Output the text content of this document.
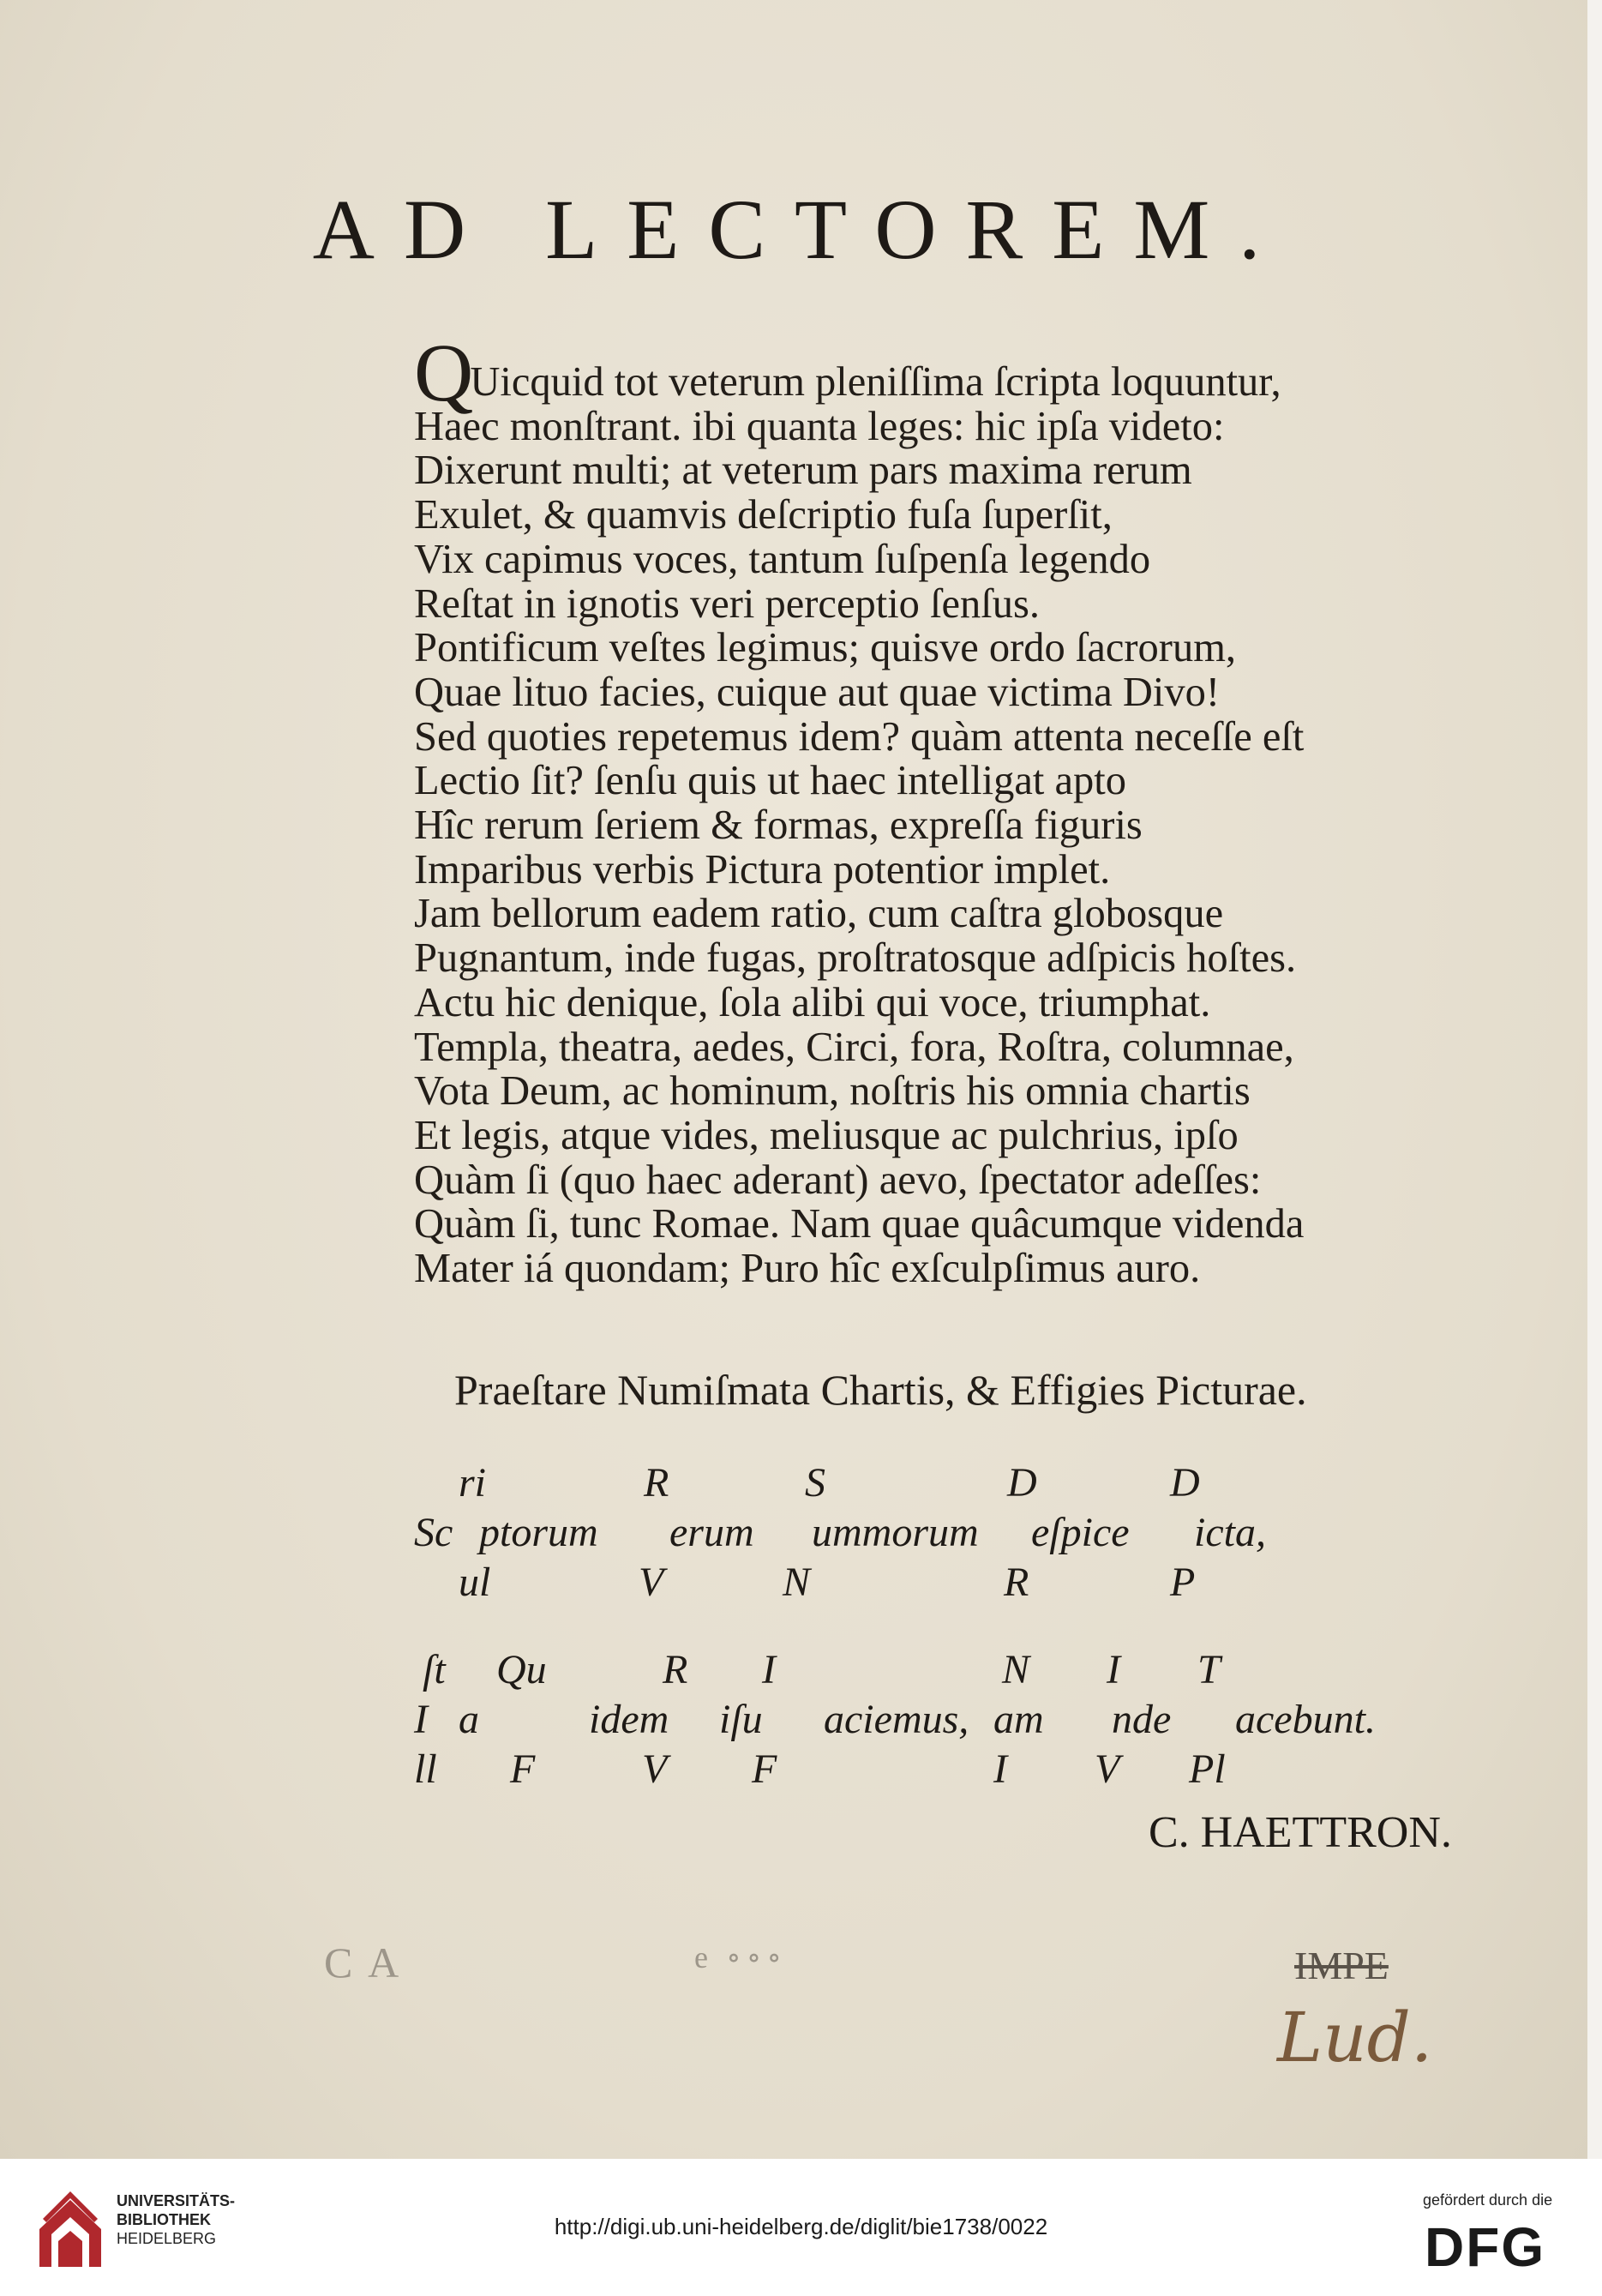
AD LECTOREM.
QUicquid tot veterum pleniſſima ſcripta loquuntur,
Haec monſtrant. ibi quanta leges: hic ipſa videto:
Dixerunt multi; at veterum pars maxima rerum
Exulet, & quamvis deſcriptio fuſa ſuperſit,
Vix capimus voces, tantum ſuſpenſa legendo
Reſtat in ignotis veri perceptio ſenſus.
Pontificum veſtes legimus; quisve ordo ſacrorum,
Quae lituo facies, cuique aut quae victima Divo!
Sed quoties repetemus idem? quàm attenta neceſſe eſt
Lectio ſit? ſenſu quis ut haec intelligat apto
Hîc rerum ſeriem & formas, expreſſa figuris
Imparibus verbis Pictura potentior implet.
Jam bellorum eadem ratio, cum caſtra globosque
Pugnantum, inde fugas, proſtratosque adſpicis hoſtes.
Actu hic denique, ſola alibi qui voce, triumphat.
Templa, theatra, aedes, Circi, fora, Roſtra, columnae,
Vota Deum, ac hominum, noſtris his omnia chartis
Et legis, atque vides, meliusque ac pulchrius, ipſo
Quàm ſi (quo haec aderant) aevo, ſpectator adeſſes:
Quàm ſi, tunc Romae. Nam quae quâcumque videnda
Mater iá quondam; Puro hîc exſculpſimus auro.
Praeſtare Numiſmata Chartis, & Effigies Picturae.
ri	R	S	D	D
Sc ptorum erum ummorum eſpice icta,
ul	V	N	R	P
ſt Qu	R I	N I T
I a	idem iſu aciemus, am nde acebunt.
ll F	V F	I V Pl
C. HAETTRON.
C A	e ∘∘∘	IMPE
Lud.
UNIVERSITÄTS-
BIBLIOTHEK
HEIDELBERG	http://digi.ub.uni-heidelberg.de/diglit/bie1738/0022
gefördert durch die
DFG
